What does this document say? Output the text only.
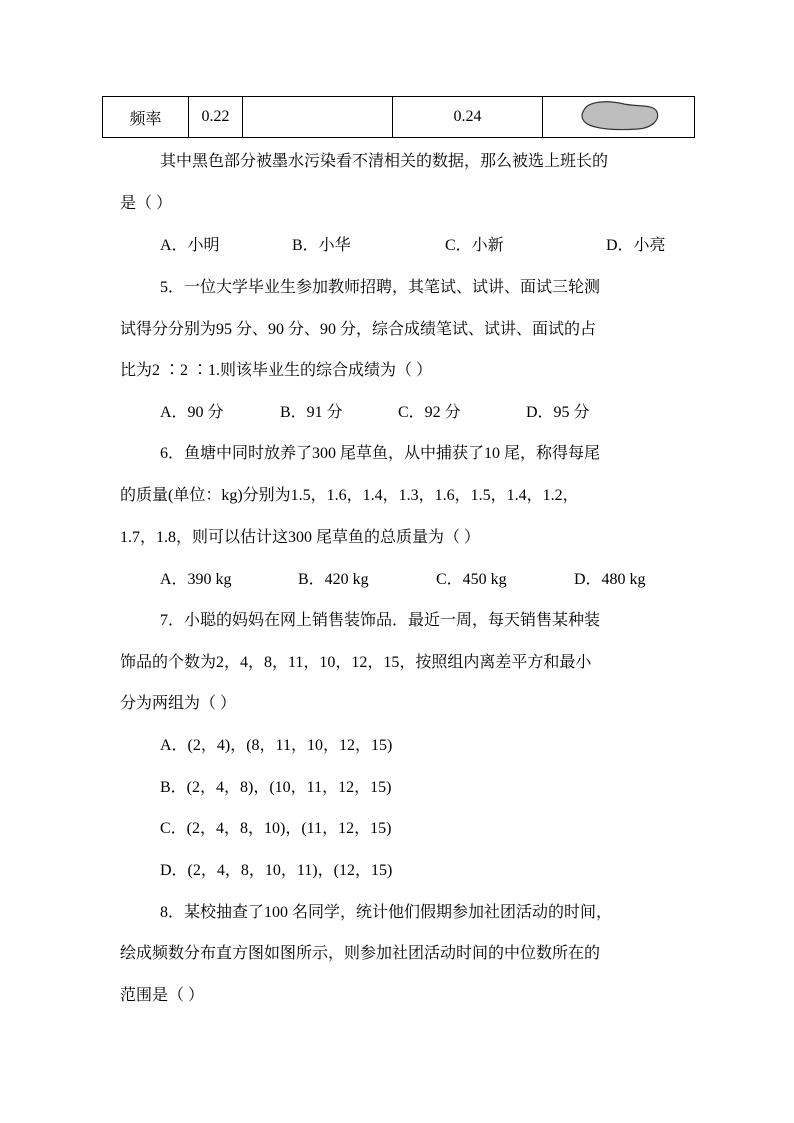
频率	0.22		0.24	
其中黑色部分被墨水污染看不清相关的数据，那么被选上班长的
是（ ）
A．小明	B．小华	C．小新	D．小亮
5．一位大学毕业生参加教师招聘，其笔试、试讲、面试三轮测
试得分分别为95 分、90 分、90 分，综合成绩笔试、试讲、面试的占
比为2 ∶2 ∶1.则该毕业生的综合成绩为（ ）
A．90 分	B．91 分	C．92 分	D．95 分
6．鱼塘中同时放养了300 尾草鱼，从中捕获了10 尾，称得每尾
的质量(单位：kg)分别为1.5，1.6，1.4，1.3，1.6，1.5，1.4，1.2，
1.7，1.8，则可以估计这300 尾草鱼的总质量为（ ）
A．390 kg	B．420 kg	C．450 kg	D．480 kg
7．小聪的妈妈在网上销售装饰品．最近一周，每天销售某种装
饰品的个数为2，4，8，11，10，12，15，按照组内离差平方和最小
分为两组为（ ）
A．(2，4)，(8，11，10，12，15)
B．(2，4，8)，(10，11，12，15)
C．(2，4，8，10)，(11，12，15)
D．(2，4，8，10，11)，(12，15)
8．某校抽查了100 名同学，统计他们假期参加社团活动的时间，
绘成频数分布直方图如图所示，则参加社团活动时间的中位数所在的
范围是（ ）
